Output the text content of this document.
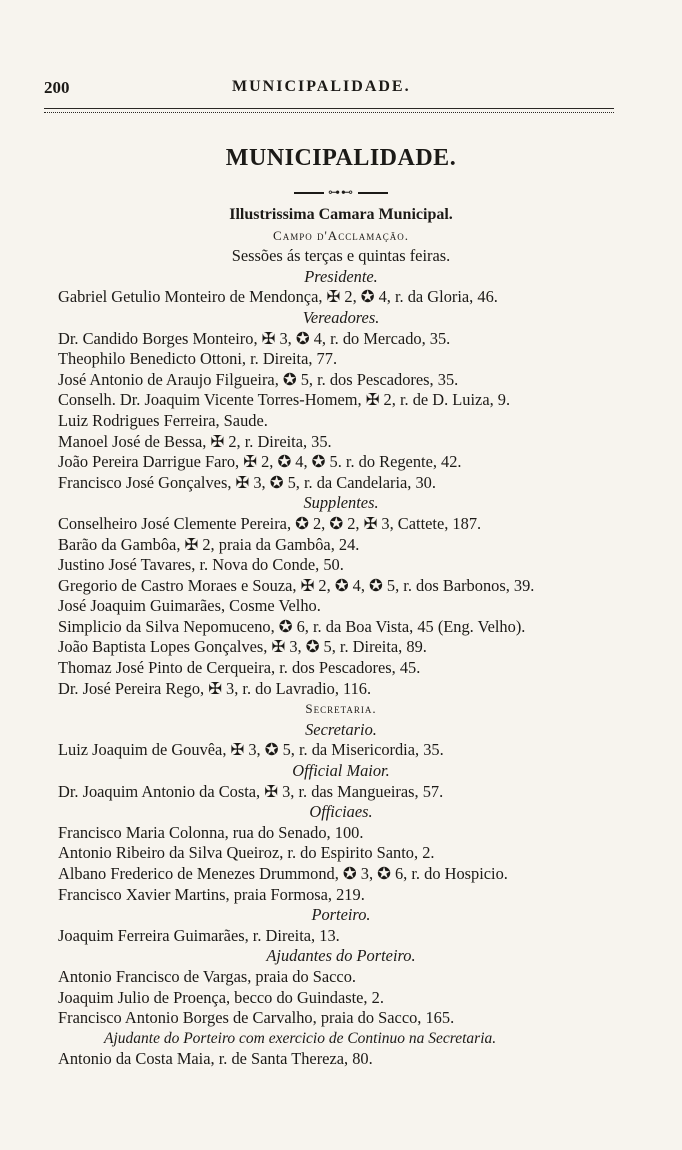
200	MUNICIPALIDADE.
MUNICIPALIDADE.
⊶⊷
Illustrissima Camara Municipal.
Campo d'Acclamação.
Sessões ás terças e quintas feiras.
Presidente.
Gabriel Getulio Monteiro de Mendonça, ✠ 2, ✪ 4, r. da Gloria, 46.
Vereadores.
Dr. Candido Borges Monteiro, ✠ 3, ✪ 4, r. do Mercado, 35.
Theophilo Benedicto Ottoni, r. Direita, 77.
José Antonio de Araujo Filgueira, ✪ 5, r. dos Pescadores, 35.
Conselh. Dr. Joaquim Vicente Torres-Homem, ✠ 2, r. de D. Luiza, 9.
Luiz Rodrigues Ferreira, Saude.
Manoel José de Bessa, ✠ 2, r. Direita, 35.
João Pereira Darrigue Faro, ✠ 2, ✪ 4, ✪ 5. r. do Regente, 42.
Francisco José Gonçalves, ✠ 3, ✪ 5, r. da Candelaria, 30.
Supplentes.
Conselheiro José Clemente Pereira, ✪ 2, ✪ 2, ✠ 3, Cattete, 187.
Barão da Gambôa, ✠ 2, praia da Gambôa, 24.
Justino José Tavares, r. Nova do Conde, 50.
Gregorio de Castro Moraes e Souza, ✠ 2, ✪ 4, ✪ 5, r. dos Barbonos, 39.
José Joaquim Guimarães, Cosme Velho.
Simplicio da Silva Nepomuceno, ✪ 6, r. da Boa Vista, 45 (Eng. Velho).
João Baptista Lopes Gonçalves, ✠ 3, ✪ 5, r. Direita, 89.
Thomaz José Pinto de Cerqueira, r. dos Pescadores, 45.
Dr. José Pereira Rego, ✠ 3, r. do Lavradio, 116.
Secretaria.
Secretario.
Luiz Joaquim de Gouvêa, ✠ 3, ✪ 5, r. da Misericordia, 35.
Official Maior.
Dr. Joaquim Antonio da Costa, ✠ 3, r. das Mangueiras, 57.
Officiaes.
Francisco Maria Colonna, rua do Senado, 100.
Antonio Ribeiro da Silva Queiroz, r. do Espirito Santo, 2.
Albano Frederico de Menezes Drummond, ✪ 3, ✪ 6, r. do Hospicio.
Francisco Xavier Martins, praia Formosa, 219.
Porteiro.
Joaquim Ferreira Guimarães, r. Direita, 13.
Ajudantes do Porteiro.
Antonio Francisco de Vargas, praia do Sacco.
Joaquim Julio de Proença, becco do Guindaste, 2.
Francisco Antonio Borges de Carvalho, praia do Sacco, 165.
Ajudante do Porteiro com exercicio de Continuo na Secretaria.
Antonio da Costa Maia, r. de Santa Thereza, 80.
